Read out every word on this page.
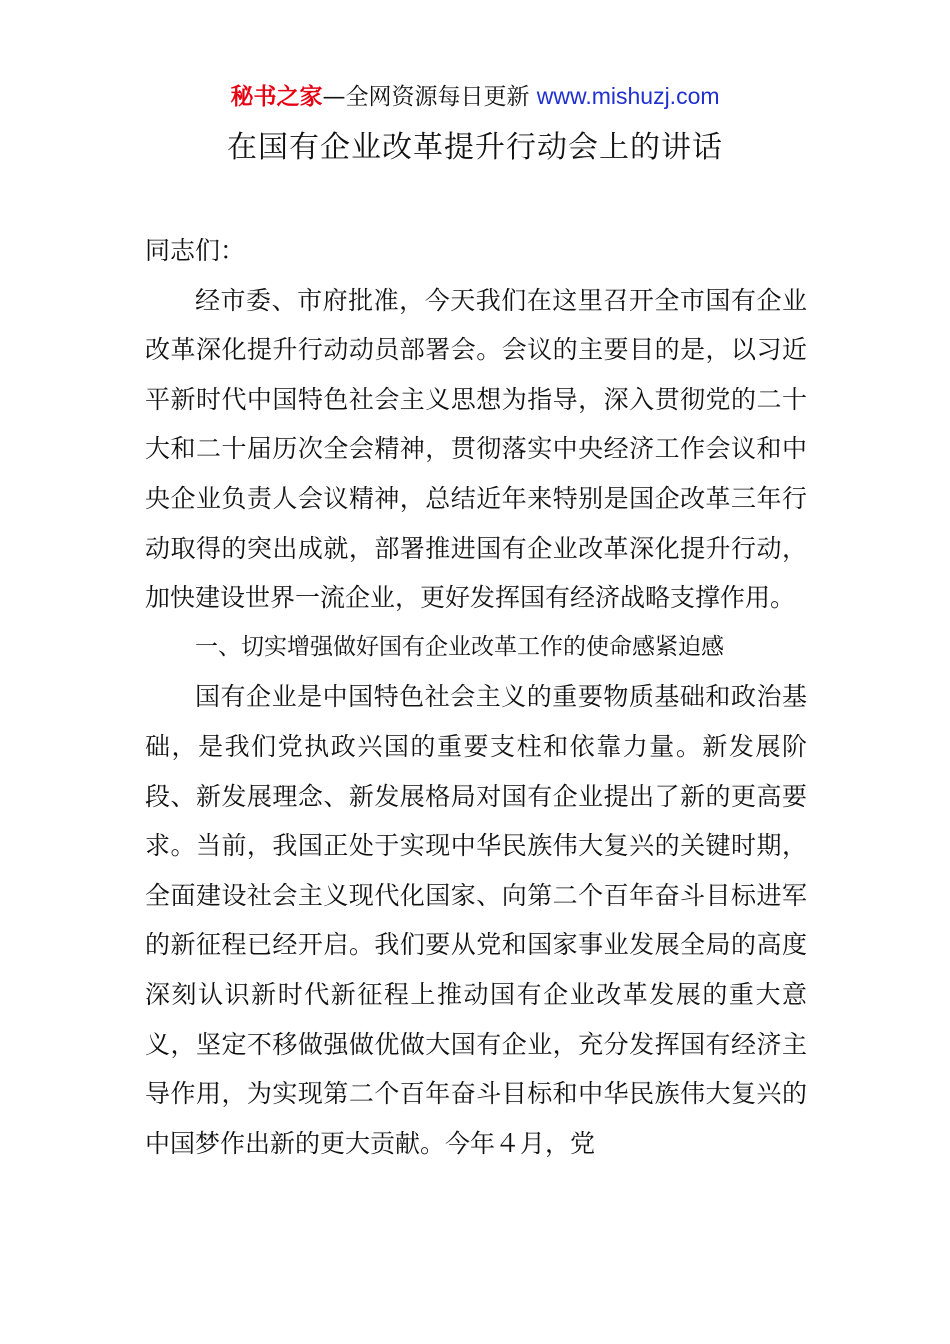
秘书之家—全网资源每日更新 www.mishuzj.com
在国有企业改革提升行动会上的讲话

同志们：

经市委、市府批准，今天我们在这里召开全市国有企业改革深化提升行动动员部署会。会议的主要目的是，以习近平新时代中国特色社会主义思想为指导，深入贯彻党的二十大和二十届历次全会精神，贯彻落实中央经济工作会议和中央企业负责人会议精神，总结近年来特别是国企改革三年行动取得的突出成就，部署推进国有企业改革深化提升行动，加快建设世界一流企业，更好发挥国有经济战略支撑作用。

一、切实增强做好国有企业改革工作的使命感紧迫感

国有企业是中国特色社会主义的重要物质基础和政治基础，是我们党执政兴国的重要支柱和依靠力量。新发展阶段、新发展理念、新发展格局对国有企业提出了新的更高要求。当前，我国正处于实现中华民族伟大复兴的关键时期，全面建设社会主义现代化国家、向第二个百年奋斗目标进军的新征程已经开启。我们要从党和国家事业发展全局的高度深刻认识新时代新征程上推动国有企业改革发展的重大意义，坚定不移做强做优做大国有企业，充分发挥国有经济主导作用，为实现第二个百年奋斗目标和中华民族伟大复兴的中国梦作出新的更大贡献。今年４月，党
